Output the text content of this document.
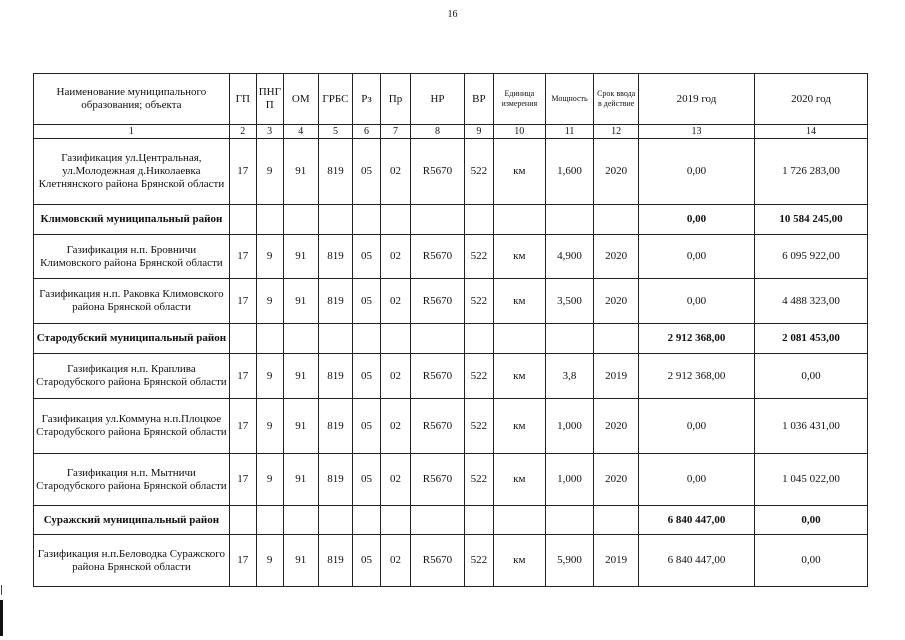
16
Наименование муниципального образования; объекта	ГП	ПНГ П	ОМ	ГРБС	Рз	Пр	НР	ВР	Единица измерения	Мощность	Срок ввода в действие	2019 год	2020 год
1	2	3	4	5	6	7	8	9	10	11	12	13	14
Газификация ул.Центральная, ул.Молодежная д.Николаевка Клетнянского района Брянской области	17	9	91	819	05	02	R5670	522	км	1,600	2020	0,00	1 726 283,00
Климовский муниципальный район												0,00	10 584 245,00
Газификация н.п. Бровничи Климовского района Брянской области	17	9	91	819	05	02	R5670	522	км	4,900	2020	0,00	6 095 922,00
Газификация н.п. Раковка Климовского района Брянской области	17	9	91	819	05	02	R5670	522	км	3,500	2020	0,00	4 488 323,00
Стародубский муниципальный район												2 912 368,00	2 081 453,00
Газификация н.п. Краплива Стародубского района Брянской области	17	9	91	819	05	02	R5670	522	км	3,8	2019	2 912 368,00	0,00
Газификация ул.Коммуна н.п.Плоцкое Стародубского района Брянской области	17	9	91	819	05	02	R5670	522	км	1,000	2020	0,00	1 036 431,00
Газификация н.п. Мытничи Стародубского района Брянской области	17	9	91	819	05	02	R5670	522	км	1,000	2020	0,00	1 045 022,00
Суражский муниципальный район												6 840 447,00	0,00
Газификация н.п.Беловодка Суражского района Брянской области	17	9	91	819	05	02	R5670	522	км	5,900	2019	6 840 447,00	0,00
